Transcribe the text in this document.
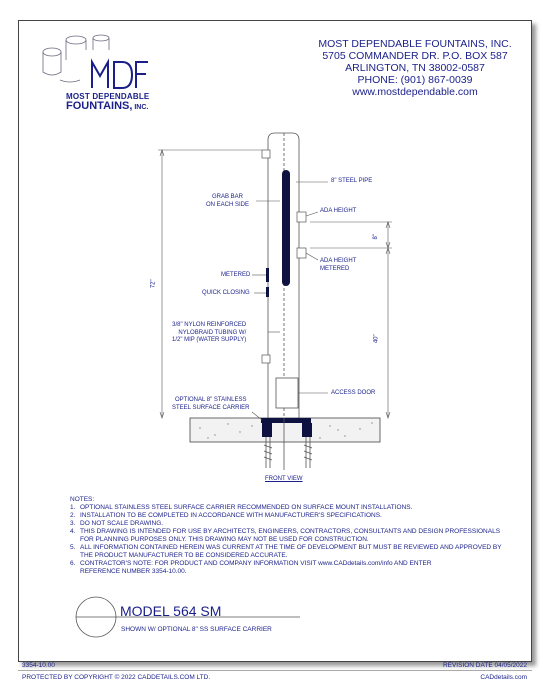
MOST DEPENDABLE FOUNTAINS, INC.
5705 COMMANDER DR. P.O. BOX 587
ARLINGTON, TN 38002-0587
PHONE: (901) 867-0039
www.mostdependable.com
MOST DEPENDABLE
FOUNTAINS, INC.
8" STEEL PIPE
GRAB BAR
ON EACH SIDE
ADA HEIGHT
8"
ADA HEIGHT
METERED
METERED
QUICK CLOSING
72"
40"
3/8" NYLON REINFORCED
NYLOBRAID TUBING W/
1/2" MIP (WATER SUPPLY)
ACCESS DOOR
OPTIONAL 8" STAINLESS
STEEL SURFACE CARRIER
FRONT VIEW
NOTES:
1. OPTIONAL STAINLESS STEEL SURFACE CARRIER RECOMMENDED ON SURFACE MOUNT INSTALLATIONS.
2. INSTALLATION TO BE COMPLETED IN ACCORDANCE WITH MANUFACTURER'S SPECIFICATIONS.
3. DO NOT SCALE DRAWING.
4. THIS DRAWING IS INTENDED FOR USE BY ARCHITECTS, ENGINEERS, CONTRACTORS, CONSULTANTS AND DESIGN PROFESSIONALS
FOR PLANNING PURPOSES ONLY. THIS DRAWING MAY NOT BE USED FOR CONSTRUCTION.
5. ALL INFORMATION CONTAINED HEREIN WAS CURRENT AT THE TIME OF DEVELOPMENT BUT MUST BE REVIEWED AND APPROVED BY
THE PRODUCT MANUFACTURER TO BE CONSIDERED ACCURATE.
6. CONTRACTOR'S NOTE: FOR PRODUCT AND COMPANY INFORMATION VISIT www.CADdetails.com/info AND ENTER
REFERENCE NUMBER 3354-10.00.
MODEL 564 SM
SHOWN W/ OPTIONAL 8" SS SURFACE CARRIER
3354-10.00	REVISION DATE 04/05/2022
PROTECTED BY COPYRIGHT © 2022 CADDETAILS.COM LTD.	CADdetails.com
